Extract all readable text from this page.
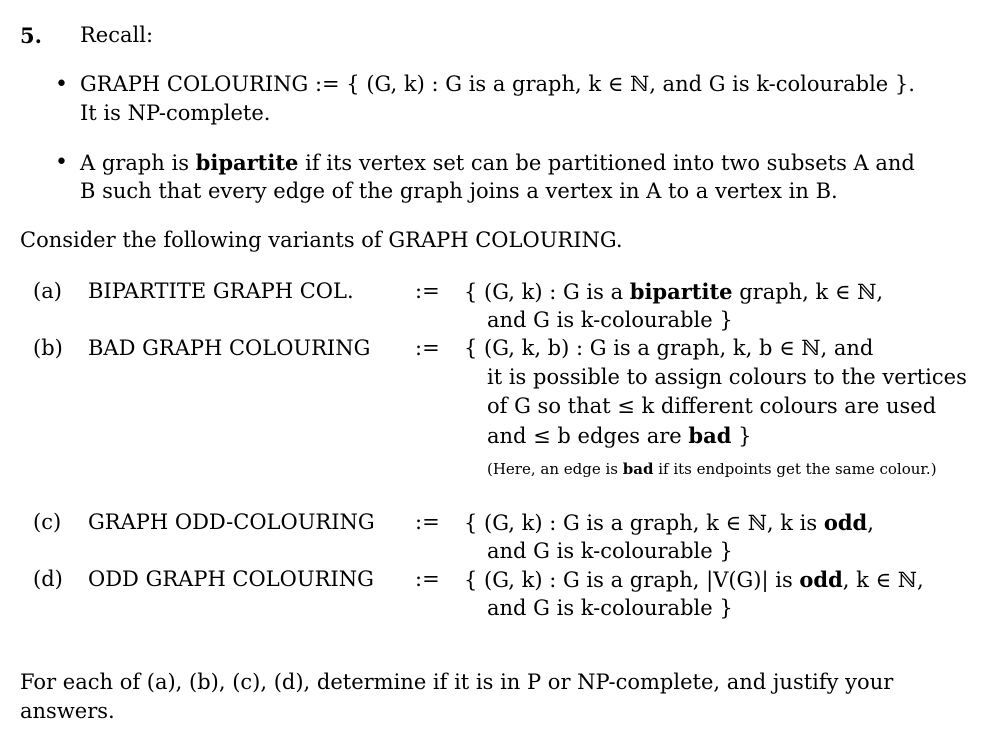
5. Recall:
• GRAPH COLOURING := { (G, k) : G is a graph, k ∈ ℕ, and G is k-colourable }.
It is NP-complete.
• A graph is bipartite if its vertex set can be partitioned into two subsets A and
B such that every edge of the graph joins a vertex in A to a vertex in B.
Consider the following variants of GRAPH COLOURING.
(a) BIPARTITE GRAPH COL.	:= { (G, k) : G is a bipartite graph, k ∈ ℕ,
and G is k-colourable }
(b) BAD GRAPH COLOURING := { (G, k, b) : G is a graph, k, b ∈ ℕ, and
it is possible to assign colours to the vertices
of G so that ≤ k different colours are used
and ≤ b edges are bad }
(Here, an edge is bad if its endpoints get the same colour.)
(c) GRAPH ODD-COLOURING := { (G, k) : G is a graph, k ∈ ℕ, k is odd,
and G is k-colourable }
(d) ODD GRAPH COLOURING := { (G, k) : G is a graph, |V(G)| is odd, k ∈ ℕ,
and G is k-colourable }
For each of (a), (b), (c), (d), determine if it is in P or NP-complete, and justify your
answers.
